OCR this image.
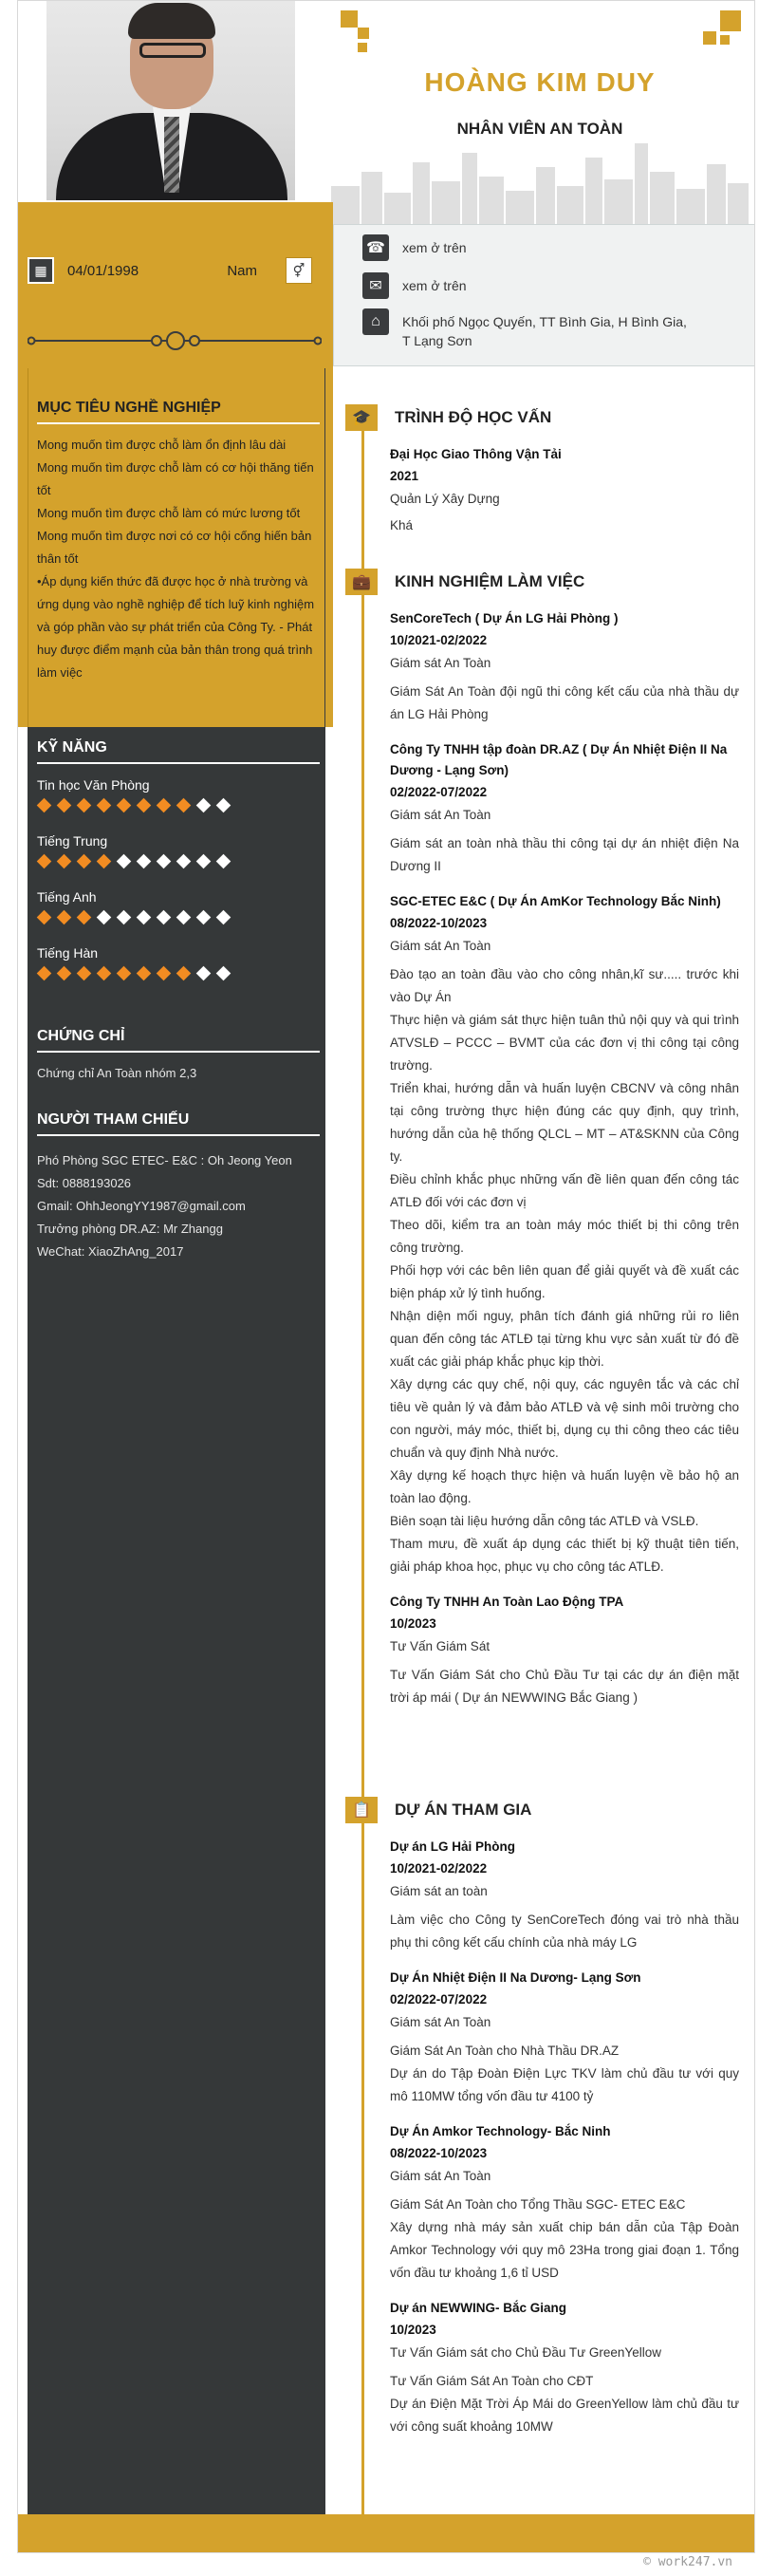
HOÀNG KIM DUY
NHÂN VIÊN AN TOÀN
▦	04/01/1998	Nam	⚥
☎ xem ở trên
✉	xem ở trên
⌂	Khối phố Ngọc Quyến, TT Bình Gia, H Bình Gia, T Lạng Sơn
MỤC TIÊU NGHỀ NGHIỆP

Mong muốn tìm được chỗ làm ổn định lâu dài

Mong muốn tìm được chỗ làm có cơ hội thăng tiến tốt

Mong muốn tìm được chỗ làm có mức lương tốt

Mong muốn tìm được nơi có cơ hội cống hiến bản thân tốt

•Áp dụng kiến thức đã được học ở nhà trường và ứng dụng vào nghề nghiệp để tích luỹ kinh nghiệm và góp phần vào sự phát triển của Công Ty. - Phát huy được điểm mạnh của bản thân trong quá trình làm việc

KỸ NĂNG
Tin học Văn Phòng
Tiếng Trung
Tiếng Anh
Tiếng Hàn
CHỨNG CHỈ

Chứng chỉ An Toàn nhóm 2,3

NGƯỜI THAM CHIẾU

Phó Phòng SGC ETEC- E&C : Oh Jeong Yeon

Sdt: 0888193026

Gmail: OhhJeongYY1987@gmail.com

Trưởng phòng DR.AZ: Mr Zhangg

WeChat: XiaoZhAng_2017

🎓	TRÌNH ĐỘ HỌC VẤN
Đại Học Giao Thông Vận Tải
2021
Quản Lý Xây Dựng
Khá
💼	KINH NGHIỆM LÀM VIỆC
SenCoreTech ( Dự Án LG Hải Phòng )
10/2021-02/2022
Giám sát An Toàn
Giám Sát An Toàn đội ngũ thi công kết cấu của nhà thầu dự án LG Hải Phòng
Công Ty TNHH tập đoàn DR.AZ ( Dự Án Nhiệt Điện II Na Dương - Lạng Sơn)
02/2022-07/2022
Giám sát An Toàn
Giám sát an toàn nhà thầu thi công tại dự án nhiệt điện Na Dương II
SGC-ETEC E&C ( Dự Án AmKor Technology Bắc Ninh)
08/2022-10/2023
Giám sát An Toàn
Đào tạo an toàn đầu vào cho công nhân,kĩ sư..... trước khi vào Dự Án
Thực hiện và giám sát thực hiện tuân thủ nội quy và qui trình ATVSLĐ – PCCC – BVMT của các đơn vị thi công tại công trường.
Triển khai, hướng dẫn và huấn luyện CBCNV và công nhân tại công trường thực hiện đúng các quy định, quy trình, hướng dẫn của hệ thống QLCL – MT – AT&SKNN của Công ty.
Điều chỉnh khắc phục những vấn đề liên quan đến công tác ATLĐ đối với các đơn vị
Theo dõi, kiểm tra an toàn máy móc thiết bị thi công trên công trường.
Phối hợp với các bên liên quan để giải quyết và đề xuất các biện pháp xử lý tình huống.
Nhận diện mối nguy, phân tích đánh giá những rủi ro liên quan đến công tác ATLĐ tại từng khu vực sản xuất từ đó đề xuất các giải pháp khắc phục kịp thời.
Xây dựng các quy chế, nội quy, các nguyên tắc và các chỉ tiêu về quản lý và đảm bảo ATLĐ và vệ sinh môi trường cho con người, máy móc, thiết bị, dụng cụ thi công theo các tiêu chuẩn và quy định Nhà nước.
Xây dựng kế hoạch thực hiện và huấn luyện về bảo hộ an toàn lao động.
Biên soạn tài liệu hướng dẫn công tác ATLĐ và VSLĐ.
Tham mưu, đề xuất áp dụng các thiết bị kỹ thuật tiên tiến, giải pháp khoa học, phục vụ cho công tác ATLĐ.
Công Ty TNHH An Toàn Lao Động TPA
10/2023
Tư Vấn Giám Sát
Tư Vấn Giám Sát cho Chủ Đầu Tư tại các dự án điện mặt trời áp mái ( Dự án NEWWING Bắc Giang )
📋	DỰ ÁN THAM GIA
Dự án LG Hải Phòng
10/2021-02/2022
Giám sát an toàn
Làm việc cho Công ty SenCoreTech đóng vai trò nhà thầu phụ thi công kết cấu chính của nhà máy LG
Dự Án Nhiệt Điện II Na Dương- Lạng Sơn
02/2022-07/2022
Giám sát An Toàn
Giám Sát An Toàn cho Nhà Thầu DR.AZ
Dự án do Tập Đoàn Điện Lực TKV làm chủ đầu tư với quy mô 110MW tổng vốn đầu tư 4100 tỷ
Dự Án Amkor Technology- Bắc Ninh
08/2022-10/2023
Giám sát An Toàn
Giám Sát An Toàn cho Tổng Thầu SGC- ETEC E&C
Xây dựng nhà máy sản xuất chip bán dẫn của Tập Đoàn Amkor Technology với quy mô 23Ha trong giai đoạn 1. Tổng vốn đầu tư khoảng 1,6 tỉ USD
Dự án NEWWING- Bắc Giang
10/2023
Tư Vấn Giám sát cho Chủ Đầu Tư GreenYellow
Tư Vấn Giám Sát An Toàn cho CĐT
Dự án Điện Mặt Trời Áp Mái do GreenYellow làm chủ đầu tư với công suất khoảng 10MW
© work247.vn
